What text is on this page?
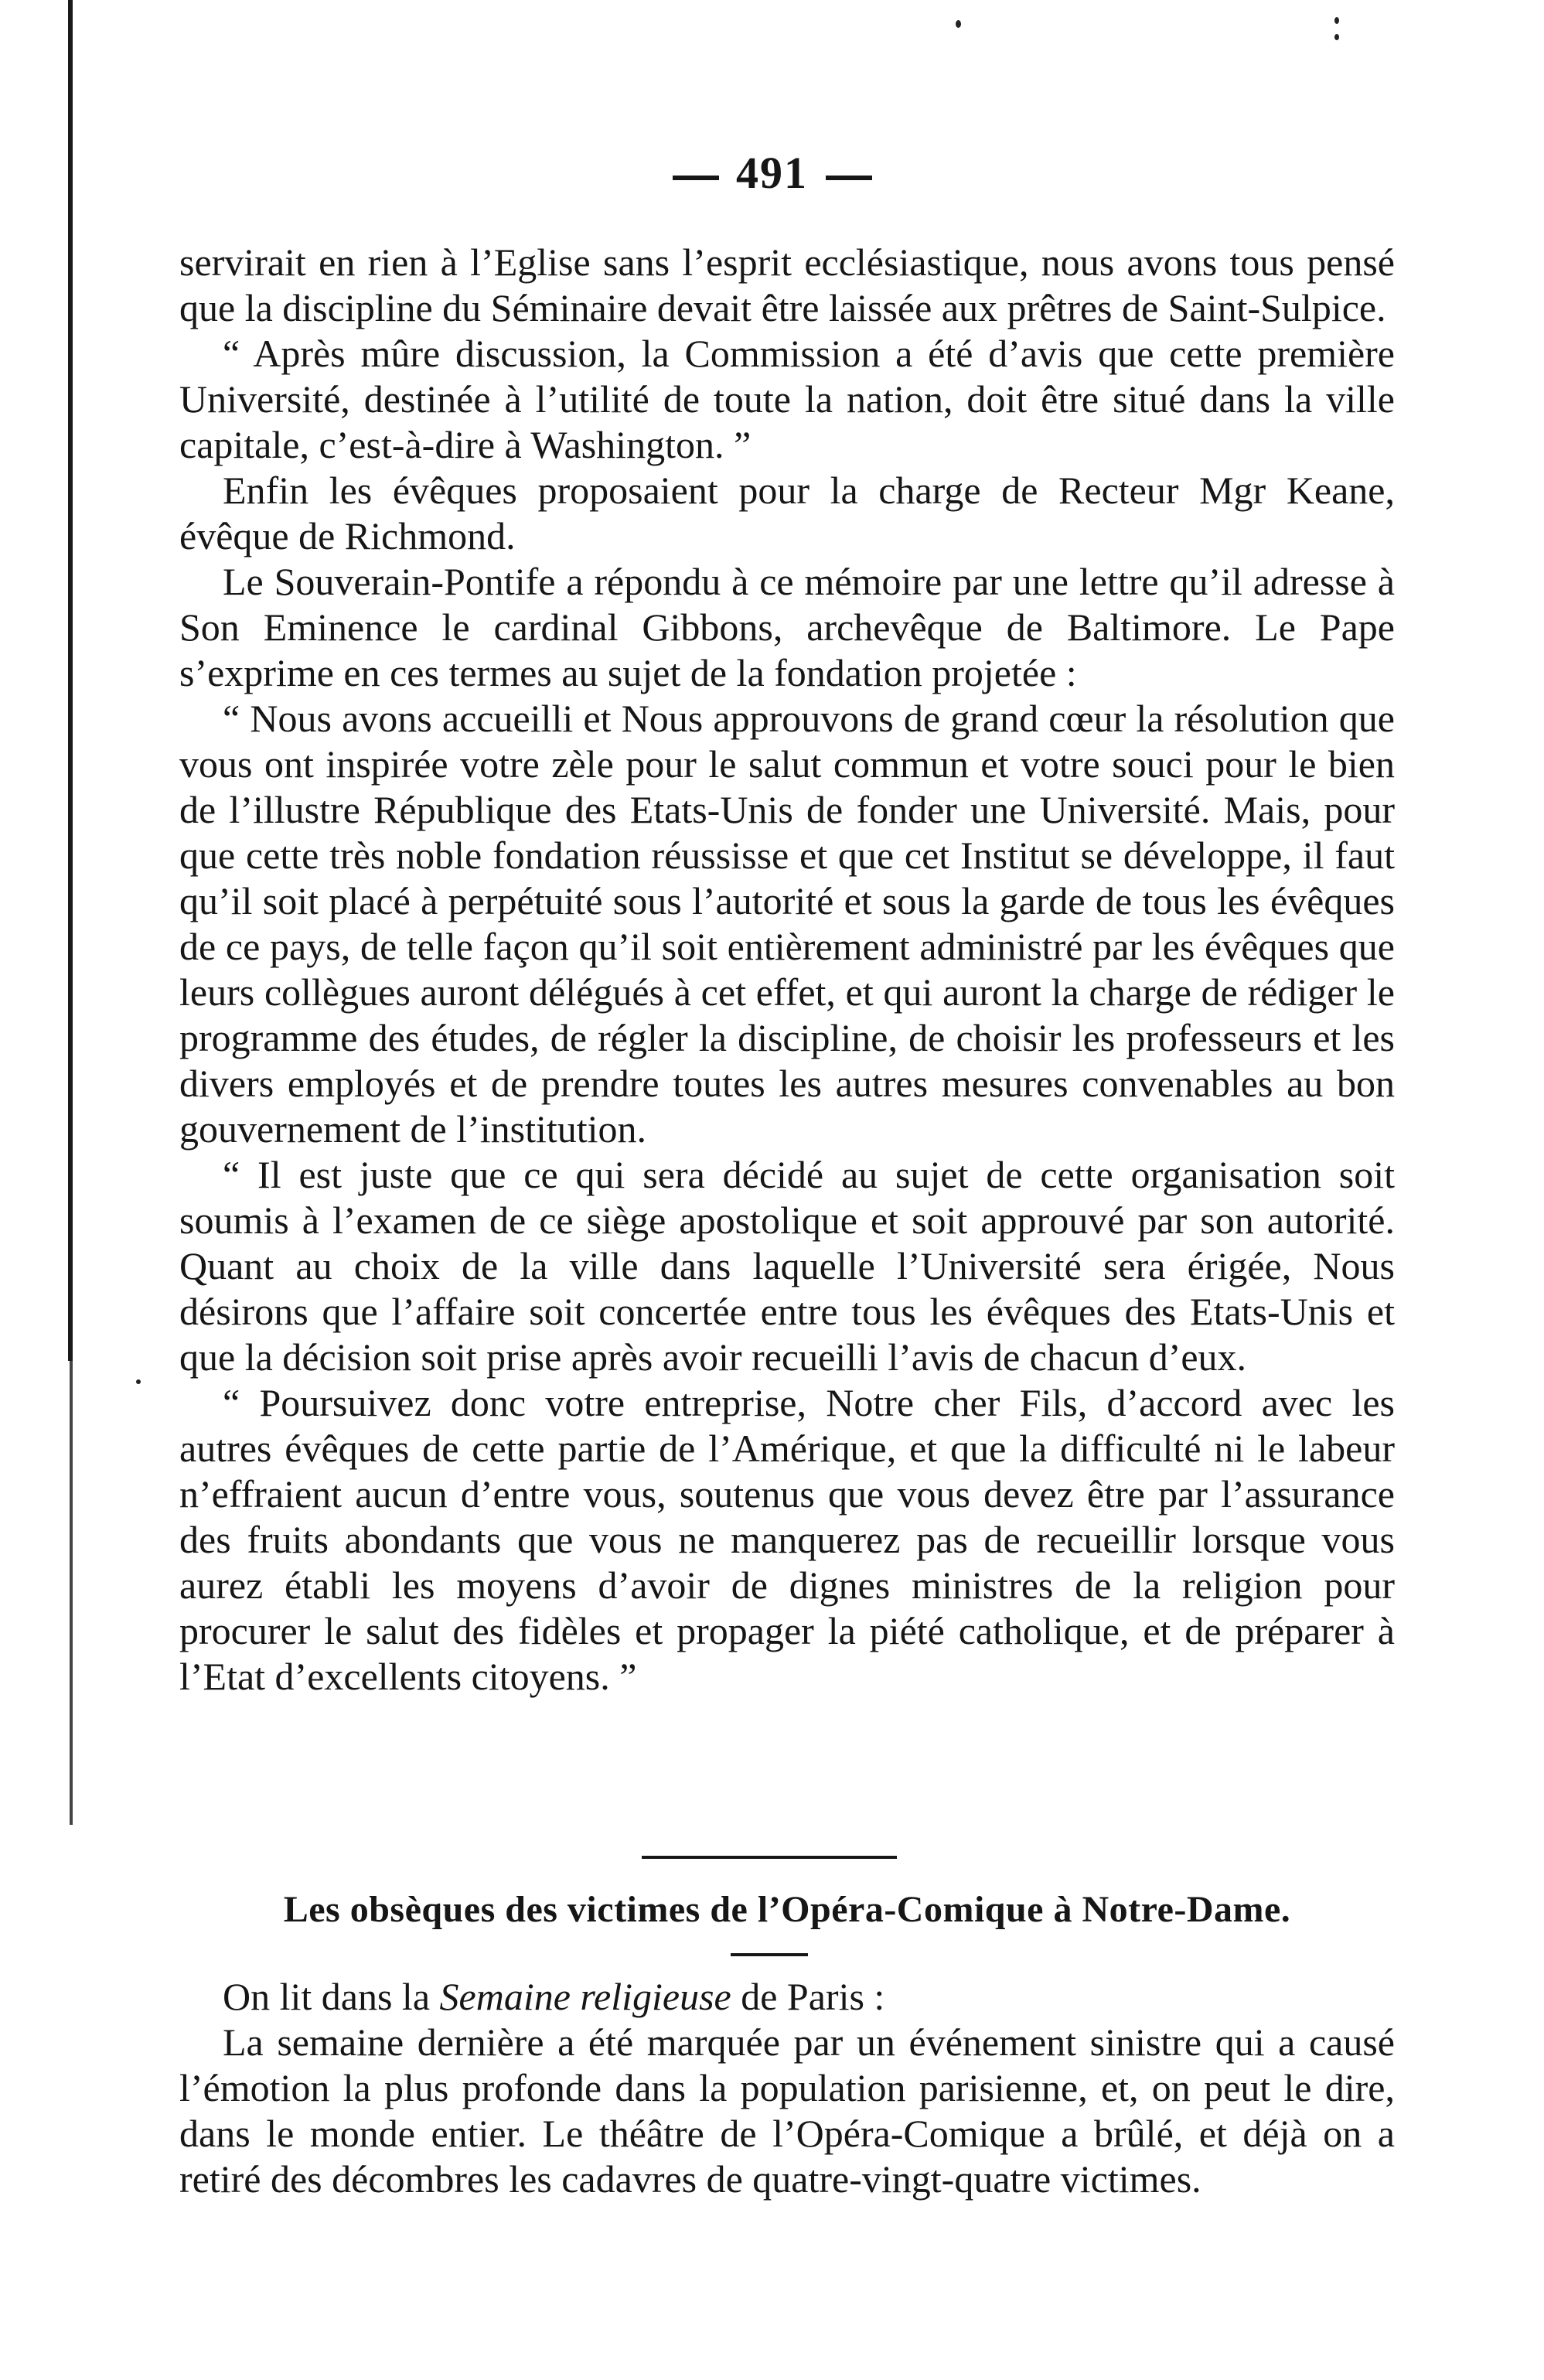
491

servirait en rien à l’Eglise sans l’esprit ecclésiastique, nous avons tous pensé que la discipline du Séminaire devait être laissée aux prêtres de Saint-Sulpice.

“ Après mûre discussion, la Commission a été d’avis que cette première Université, destinée à l’utilité de toute la nation, doit être situé dans la ville capitale, c’est-à-dire à Washington. ”

Enfin les évêques proposaient pour la charge de Recteur Mgr Keane, évêque de Richmond.

Le Souverain-Pontife a répondu à ce mémoire par une lettre qu’il adresse à Son Eminence le cardinal Gibbons, archevêque de Baltimore. Le Pape s’exprime en ces termes au sujet de la fondation projetée :

“ Nous avons accueilli et Nous approuvons de grand cœur la résolution que vous ont inspirée votre zèle pour le salut commun et votre souci pour le bien de l’illustre République des Etats-Unis de fonder une Université. Mais, pour que cette très noble fondation réussisse et que cet Institut se développe, il faut qu’il soit placé à perpétuité sous l’autorité et sous la garde de tous les évêques de ce pays, de telle façon qu’il soit entièrement administré par les évêques que leurs collègues auront délégués à cet effet, et qui auront la charge de rédiger le programme des études, de régler la discipline, de choisir les professeurs et les divers employés et de prendre toutes les autres mesures convenables au bon gouvernement de l’institution.

“ Il est juste que ce qui sera décidé au sujet de cette organisation soit soumis à l’examen de ce siège apostolique et soit approuvé par son autorité. Quant au choix de la ville dans laquelle l’Université sera érigée, Nous désirons que l’affaire soit concertée entre tous les évêques des Etats-Unis et que la décision soit prise après avoir recueilli l’avis de chacun d’eux.

“ Poursuivez donc votre entreprise, Notre cher Fils, d’accord avec les autres évêques de cette partie de l’Amérique, et que la difficulté ni le labeur n’effraient aucun d’entre vous, soutenus que vous devez être par l’assurance des fruits abondants que vous ne manquerez pas de recueillir lorsque vous aurez établi les moyens d’avoir de dignes ministres de la religion pour procurer le salut des fidèles et propager la piété catholique, et de préparer à l’Etat d’excellents citoyens. ”

Les obsèques des victimes de l’Opéra-Comique à Notre-Dame.

On lit dans la Semaine religieuse de Paris :

La semaine dernière a été marquée par un événement sinistre qui a causé l’émotion la plus profonde dans la population parisienne, et, on peut le dire, dans le monde entier. Le théâtre de l’Opéra-Comique a brûlé, et déjà on a retiré des décombres les cadavres de quatre-vingt-quatre victimes.
